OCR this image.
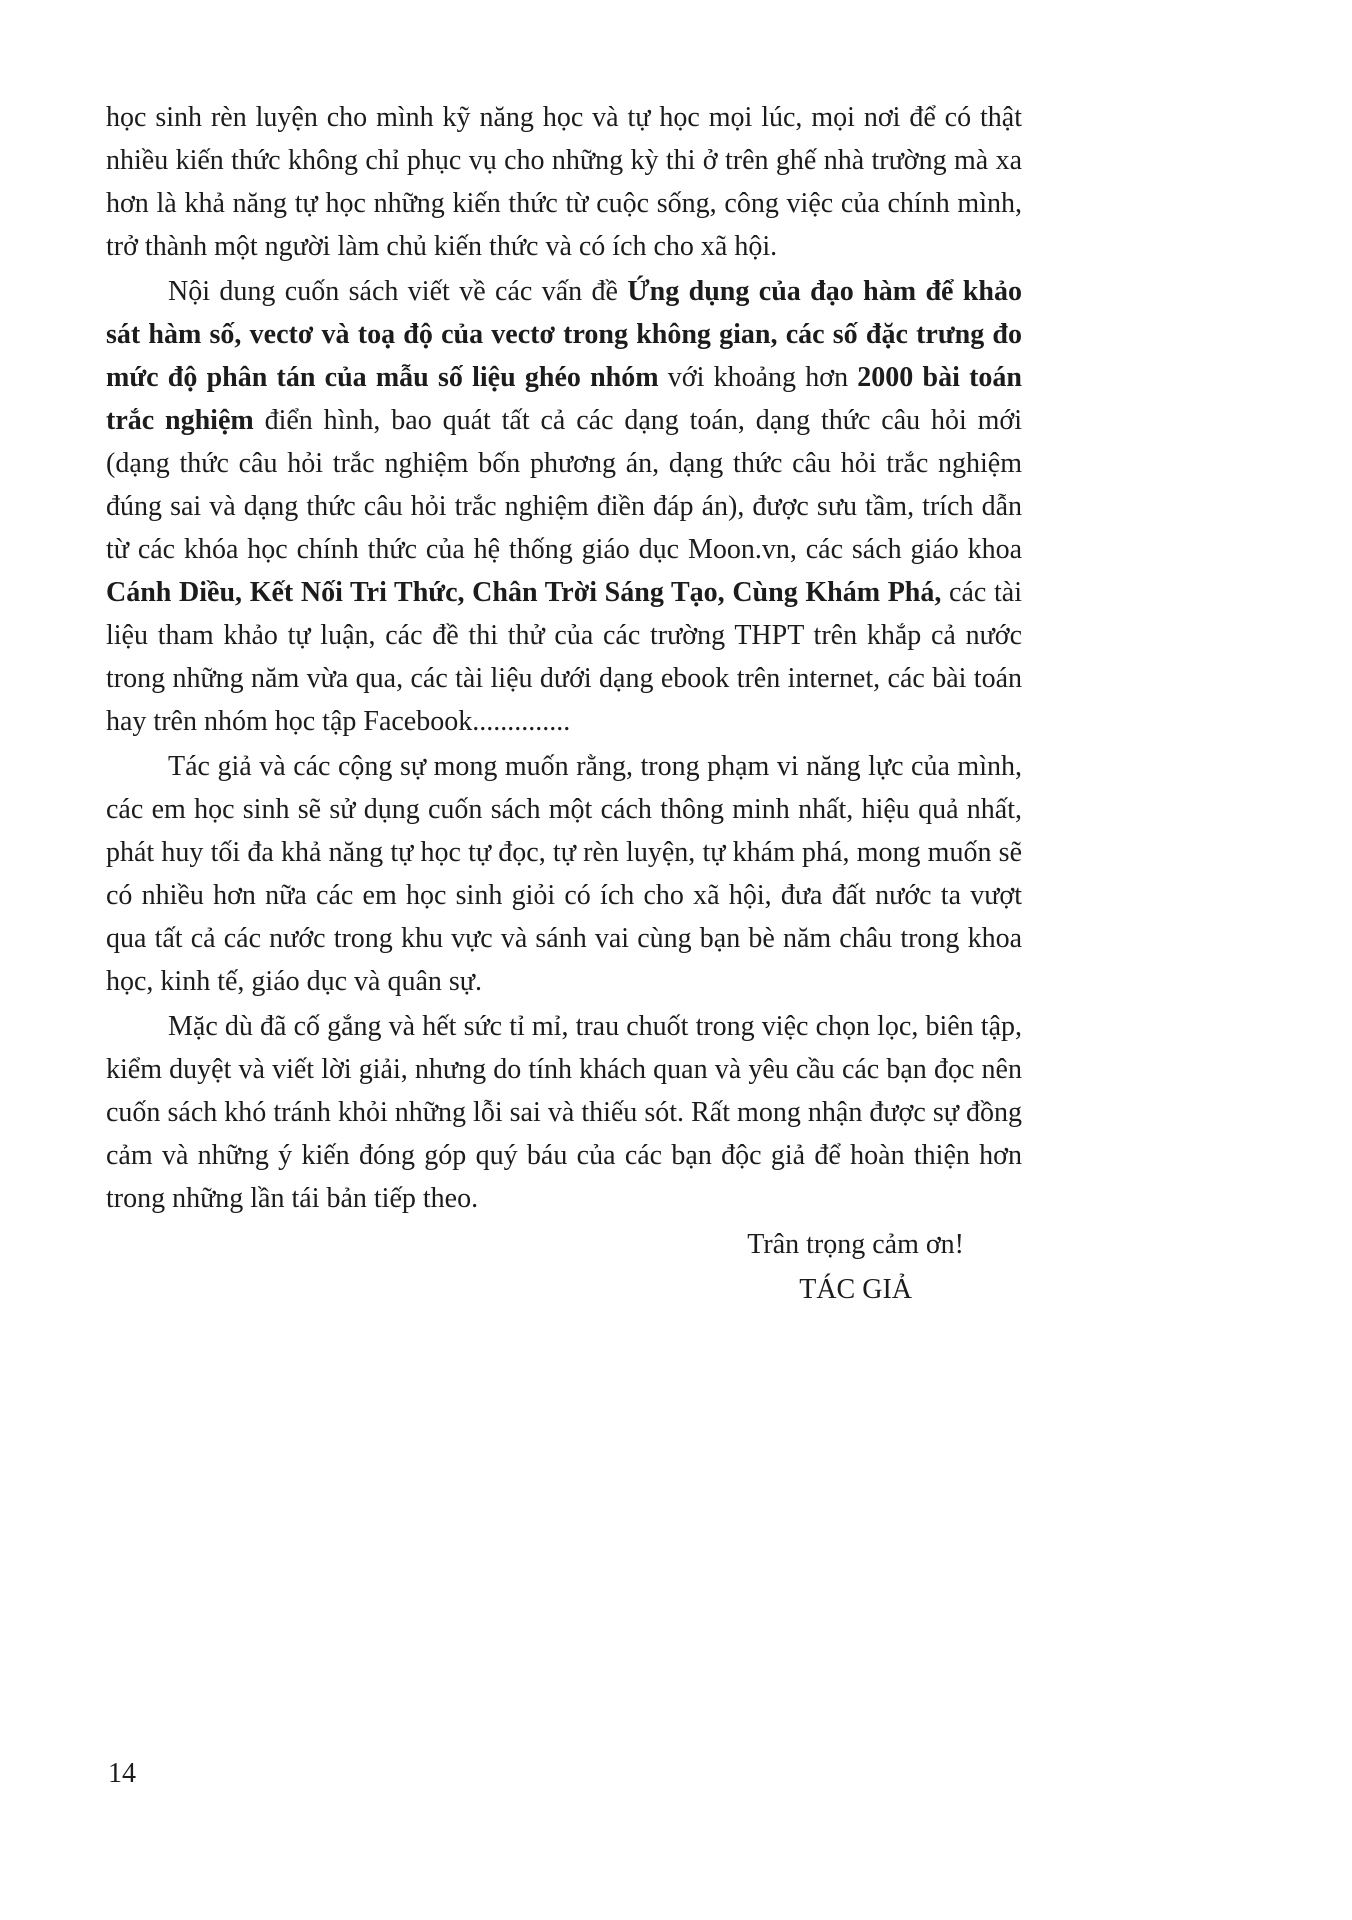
học sinh rèn luyện cho mình kỹ năng học và tự học mọi lúc, mọi nơi để có thật nhiều kiến thức không chỉ phục vụ cho những kỳ thi ở trên ghế nhà trường mà xa hơn là khả năng tự học những kiến thức từ cuộc sống, công việc của chính mình, trở thành một người làm chủ kiến thức và có ích cho xã hội.

Nội dung cuốn sách viết về các vấn đề Ứng dụng của đạo hàm để khảo sát hàm số, vectơ và toạ độ của vectơ trong không gian, các số đặc trưng đo mức độ phân tán của mẫu số liệu ghéo nhóm với khoảng hơn 2000 bài toán trắc nghiệm điển hình, bao quát tất cả các dạng toán, dạng thức câu hỏi mới (dạng thức câu hỏi trắc nghiệm bốn phương án, dạng thức câu hỏi trắc nghiệm đúng sai và dạng thức câu hỏi trắc nghiệm điền đáp án), được sưu tầm, trích dẫn từ các khóa học chính thức của hệ thống giáo dục Moon.vn, các sách giáo khoa Cánh Diều, Kết Nối Tri Thức, Chân Trời Sáng Tạo, Cùng Khám Phá, các tài liệu tham khảo tự luận, các đề thi thử của các trường THPT trên khắp cả nước trong những năm vừa qua, các tài liệu dưới dạng ebook trên internet, các bài toán hay trên nhóm học tập Facebook..............

Tác giả và các cộng sự mong muốn rằng, trong phạm vi năng lực của mình, các em học sinh sẽ sử dụng cuốn sách một cách thông minh nhất, hiệu quả nhất, phát huy tối đa khả năng tự học tự đọc, tự rèn luyện, tự khám phá, mong muốn sẽ có nhiều hơn nữa các em học sinh giỏi có ích cho xã hội, đưa đất nước ta vượt qua tất cả các nước trong khu vực và sánh vai cùng bạn bè năm châu trong khoa học, kinh tế, giáo dục và quân sự.

Mặc dù đã cố gắng và hết sức tỉ mỉ, trau chuốt trong việc chọn lọc, biên tập, kiểm duyệt và viết lời giải, nhưng do tính khách quan và yêu cầu các bạn đọc nên cuốn sách khó tránh khỏi những lỗi sai và thiếu sót. Rất mong nhận được sự đồng cảm và những ý kiến đóng góp quý báu của các bạn độc giả để hoàn thiện hơn trong những lần tái bản tiếp theo.

Trân trọng cảm ơn!
TÁC GIẢ
14
